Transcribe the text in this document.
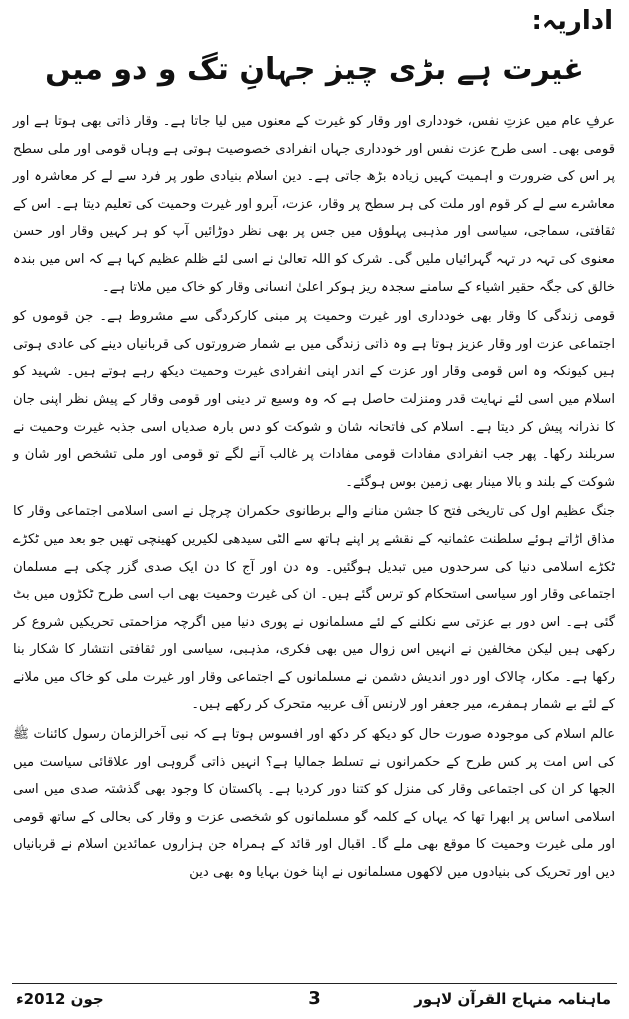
اداریہ:
غیرت ہے بڑی چیز جہانِ تگ و دو میں

عرفِ عام میں عزتِ نفس، خودداری اور وقار کو غیرت کے معنوں میں لیا جاتا ہے۔ وقار ذاتی بھی ہوتا ہے اور قومی بھی۔ اسی طرح عزت نفس اور خودداری جہاں انفرادی خصوصیت ہوتی ہے وہاں قومی اور ملی سطح پر اس کی ضرورت و اہمیت کہیں زیادہ بڑھ جاتی ہے۔ دین اسلام بنیادی طور پر فرد سے لے کر معاشرہ اور معاشرے سے لے کر قوم اور ملت کی ہر سطح پر وقار، عزت، آبرو اور غیرت وحمیت کی تعلیم دیتا ہے۔ اس کے ثقافتی، سماجی، سیاسی اور مذہبی پہلوؤں میں جس پر بھی نظر دوڑائیں آپ کو ہر کہیں وقار اور حسن معنوی کی تہہ در تہہ گہرائیاں ملیں گی۔ شرک کو اللہ تعالیٰ نے اسی لئے ظلم عظیم کہا ہے کہ اس میں بندہ خالق کی جگہ حقیر اشیاء کے سامنے سجدہ ریز ہوکر اعلیٰ انسانی وقار کو خاک میں ملاتا ہے۔

قومی زندگی کا وقار بھی خودداری اور غیرت وحمیت پر مبنی کارکردگی سے مشروط ہے۔ جن قوموں کو اجتماعی عزت اور وقار عزیز ہوتا ہے وہ ذاتی زندگی میں بے شمار ضرورتوں کی قربانیاں دینے کی عادی ہوتی ہیں کیونکہ وہ اس قومی وقار اور عزت کے اندر اپنی انفرادی غیرت وحمیت دیکھ رہے ہوتے ہیں۔ شہید کو اسلام میں اسی لئے نہایت قدر ومنزلت حاصل ہے کہ وہ وسیع تر دینی اور قومی وقار کے پیش نظر اپنی جان کا نذرانہ پیش کر دیتا ہے۔ اسلام کی فاتحانہ شان و شوکت کو دس بارہ صدیاں اسی جذبہ غیرت وحمیت نے سربلند رکھا۔ پھر جب انفرادی مفادات قومی مفادات پر غالب آنے لگے تو قومی اور ملی تشخص اور شان و شوکت کے بلند و بالا مینار بھی زمین بوس ہوگئے۔

جنگ عظیم اول کی تاریخی فتح کا جشن منانے والے برطانوی حکمران چرچل نے اسی اسلامی اجتماعی وقار کا مذاق اڑاتے ہوئے سلطنت عثمانیہ کے نقشے پر اپنے ہاتھ سے الٹی سیدھی لکیریں کھینچی تھیں جو بعد میں ٹکڑے ٹکڑے اسلامی دنیا کی سرحدوں میں تبدیل ہوگئیں۔ وہ دن اور آج کا دن ایک صدی گزر چکی ہے مسلمان اجتماعی وقار اور سیاسی استحکام کو ترس گئے ہیں۔ ان کی غیرت وحمیت بھی اب اسی طرح ٹکڑوں میں بٹ گئی ہے۔ اس دور بے عزتی سے نکلنے کے لئے مسلمانوں نے پوری دنیا میں اگرچہ مزاحمتی تحریکیں شروع کر رکھی ہیں لیکن مخالفین نے انہیں اس زوال میں بھی فکری، مذہبی، سیاسی اور ثقافتی انتشار کا شکار بنا رکھا ہے۔ مکار، چالاک اور دور اندیش دشمن نے مسلمانوں کے اجتماعی وقار اور غیرت ملی کو خاک میں ملانے کے لئے بے شمار ہمفرے، میر جعفر اور لارنس آف عربیہ متحرک کر رکھے ہیں۔

عالم اسلام کی موجودہ صورت حال کو دیکھ کر دکھ اور افسوس ہوتا ہے کہ نبی آخرالزمان رسول کائنات ﷺ کی اس امت پر کس طرح کے حکمرانوں نے تسلط جمالیا ہے؟ انہیں ذاتی گروہی اور علاقائی سیاست میں الجھا کر ان کی اجتماعی وقار کی منزل کو کتنا دور کردیا ہے۔ پاکستان کا وجود بھی گذشتہ صدی میں اسی اسلامی اساس پر ابھرا تھا کہ یہاں کے کلمہ گو مسلمانوں کو شخصی عزت و وقار کی بحالی کے ساتھ قومی اور ملی غیرت وحمیت کا موقع بھی ملے گا۔ اقبال اور قائد کے ہمراہ جن ہزاروں عمائدین اسلام نے قربانیاں دیں اور تحریک کی بنیادوں میں لاکھوں مسلمانوں نے اپنا خون بہایا وہ بھی دین

جون 2012ء	3	ماہنامہ منہاج القرآن لاہور
